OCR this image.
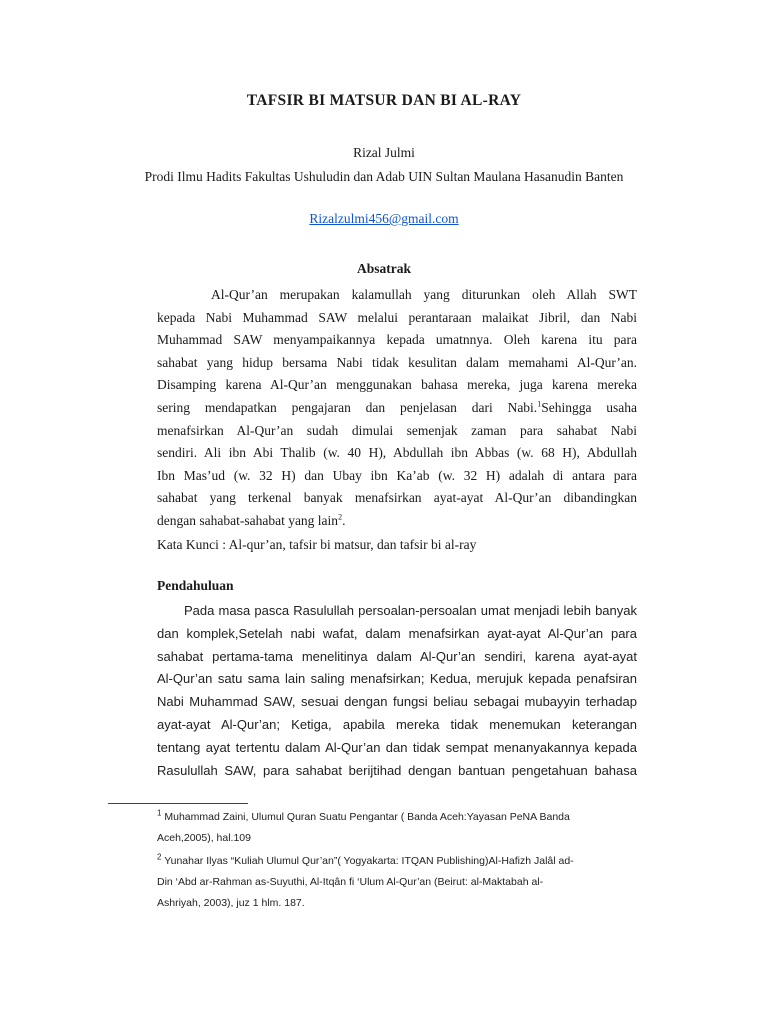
TAFSIR BI MATSUR DAN BI AL-RAY
Rizal Julmi
Prodi Ilmu Hadits Fakultas Ushuludin dan Adab UIN Sultan Maulana Hasanudin Banten
Rizalzulmi456@gmail.com
Absatrak
Al-Qur’an merupakan kalamullah yang diturunkan oleh Allah SWT
kepada Nabi Muhammad SAW melalui perantaraan malaikat Jibril, dan Nabi
Muhammad SAW menyampaikannya kepada umatnnya. Oleh karena itu para
sahabat yang hidup bersama Nabi tidak kesulitan dalam memahami Al-Qur’an.
Disamping karena Al-Qur’an menggunakan bahasa mereka, juga karena mereka
sering mendapatkan pengajaran dan penjelasan dari Nabi.$^1$Sehingga usaha
menafsirkan Al-Qur’an sudah dimulai semenjak zaman para sahabat Nabi
sendiri. Ali ibn Abi Thalib (w. 40 H), Abdullah ibn Abbas (w. 68 H), Abdullah
Ibn Mas’ud (w. 32 H) dan Ubay ibn Ka’ab (w. 32 H) adalah di antara para
sahabat yang terkenal banyak menafsirkan ayat-ayat Al-Qur’an dibandingkan
dengan sahabat-sahabat yang lain$^2$.
Kata Kunci : Al-qur’an, tafsir bi matsur, dan tafsir bi al-ray
Pendahuluan
Pada masa pasca Rasulullah persoalan-persoalan umat menjadi lebih banyak
dan komplek,Setelah nabi wafat, dalam menafsirkan ayat-ayat Al-Qur’an para
sahabat pertama-tama menelitinya dalam Al-Qur’an sendiri, karena ayat-ayat
Al-Qur’an satu sama lain saling menafsirkan; Kedua, merujuk kepada penafsiran
Nabi Muhammad SAW, sesuai dengan fungsi beliau sebagai mubayyin terhadap
ayat-ayat Al-Qur’an; Ketiga, apabila mereka tidak menemukan keterangan
tentang ayat tertentu dalam Al-Qur’an dan tidak sempat menanyakannya kepada
Rasulullah SAW, para sahabat berijtihad dengan bantuan pengetahuan bahasa
$^1$ Muhammad Zaini, Ulumul Quran Suatu Pengantar ( Banda Aceh:Yayasan PeNA Banda
Aceh,2005), hal.109
$^2$ Yunahar Ilyas “Kuliah Ulumul Qur’an”( Yogyakarta: ITQAN Publishing)Al-Hafizh Jalâl ad-
Din ‘Abd ar-Rahman as-Suyuthi, Al-Itqân fi ‘Ulum Al-Qur’an (Beirut: al-Maktabah al-
Ashriyah, 2003), juz 1 hlm. 187.
